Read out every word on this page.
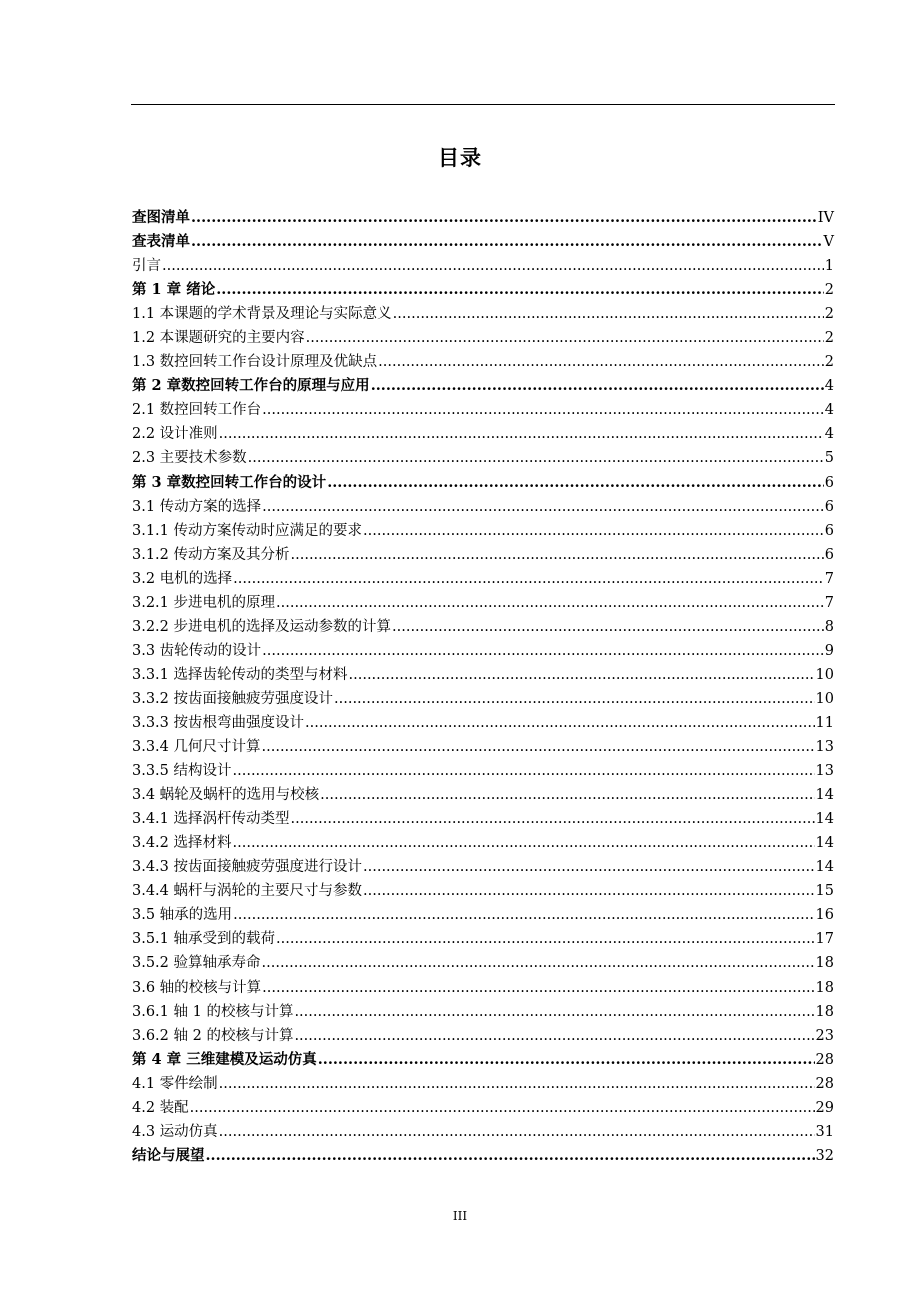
目录
查图清单 .....	IV
查表清单 .....	V
引言 .....	1
第 1 章 绪论 .....	2
1.1 本课题的学术背景及理论与实际意义 .....	2
1.2 本课题研究的主要内容 .....	2
1.3 数控回转工作台设计原理及优缺点 .....	2
第 2 章数控回转工作台的原理与应用 .....	4
2.1 数控回转工作台 .....	4
2.2 设计准则 .....	4
2.3 主要技术参数 .....	5
第 3 章数控回转工作台的设计 .....	6
3.1 传动方案的选择 .....	6
3.1.1 传动方案传动时应满足的要求 .....	6
3.1.2 传动方案及其分析 .....	6
3.2 电机的选择 .....	7
3.2.1 步进电机的原理 .....	7
3.2.2 步进电机的选择及运动参数的计算 .....	8
3.3 齿轮传动的设计 .....	9
3.3.1 选择齿轮传动的类型与材料 .....	10
3.3.2 按齿面接触疲劳强度设计 .....	10
3.3.3 按齿根弯曲强度设计 .....	11
3.3.4 几何尺寸计算 .....	13
3.3.5 结构设计 .....	13
3.4 蜗轮及蜗杆的选用与校核 .....	14
3.4.1 选择涡杆传动类型 .....	14
3.4.2 选择材料 .....	14
3.4.3 按齿面接触疲劳强度进行设计 .....	14
3.4.4 蜗杆与涡轮的主要尺寸与参数 .....	15
3.5 轴承的选用 .....	16
3.5.1 轴承受到的载荷 .....	17
3.5.2 验算轴承寿命 .....	18
3.6 轴的校核与计算 .....	18
3.6.1 轴 1 的校核与计算 .....	18
3.6.2 轴 2 的校核与计算 .....	23
第 4 章 三维建模及运动仿真 .....	28
4.1 零件绘制 .....	28
4.2 装配 .....	29
4.3 运动仿真 .....	31
结论与展望 .....	32
III
